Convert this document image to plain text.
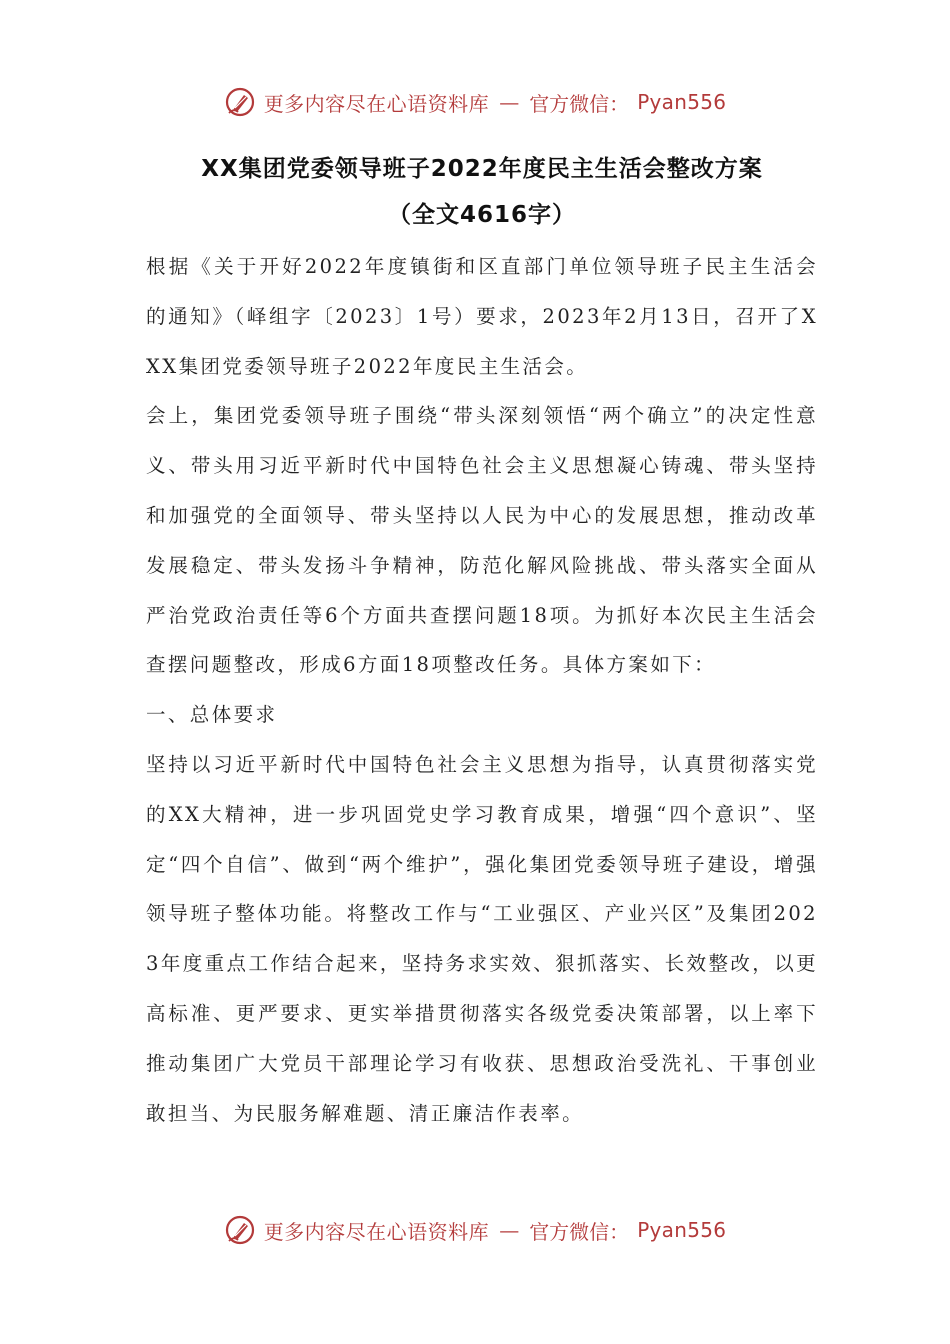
更多内容尽在心语资料库 — 官方微信： Pyan556
XX集团党委领导班子2022年度民主生活会整改方案
（全文4616字）

根据《关于开好2022年度镇街和区直部门单位领导班子民主生活会的通知》（峄组字〔2023〕1号）要求，2023年2月13日，召开了XXX集团党委领导班子2022年度民主生活会。

会上，集团党委领导班子围绕“带头深刻领悟“两个确立”的决定性意义、带头用习近平新时代中国特色社会主义思想凝心铸魂、带头坚持和加强党的全面领导、带头坚持以人民为中心的发展思想，推动改革发展稳定、带头发扬斗争精神，防范化解风险挑战、带头落实全面从严治党政治责任等6个方面共查摆问题18项。为抓好本次民主生活会查摆问题整改，形成6方面18项整改任务。具体方案如下：

一、总体要求

坚持以习近平新时代中国特色社会主义思想为指导，认真贯彻落实党的XX大精神，进一步巩固党史学习教育成果，增强“四个意识”、坚定“四个自信”、做到“两个维护”，强化集团党委领导班子建设，增强领导班子整体功能。将整改工作与“工业强区、产业兴区”及集团2023年度重点工作结合起来，坚持务求实效、狠抓落实、长效整改，以更高标准、更严要求、更实举措贯彻落实各级党委决策部署，以上率下推动集团广大党员干部理论学习有收获、思想政治受洗礼、干事创业敢担当、为民服务解难题、清正廉洁作表率。

更多内容尽在心语资料库 — 官方微信： Pyan556
